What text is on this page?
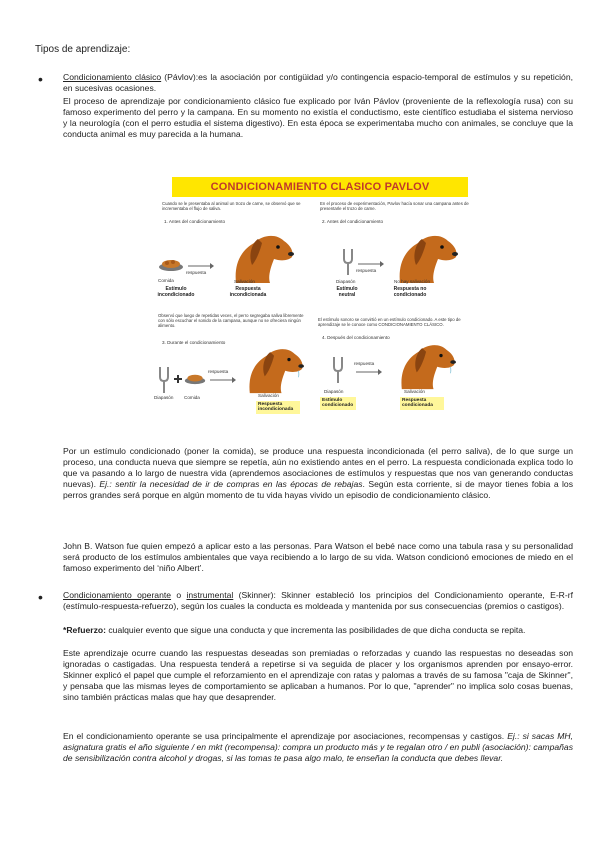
Tipos de aprendizaje:
• Condicionamiento clásico (Pávlov):es la asociación por contigüidad y/o contingencia espacio-temporal de estímulos y su repetición, en sucesivas ocasiones.

El proceso de aprendizaje por condicionamiento clásico fue explicado por Iván Pávlov (proveniente de la reflexología rusa) con su famoso experimento del perro y la campana. En su momento no existía el conductismo, este científico estudiaba el sistema nervioso y la neurología (con el perro estudia el sistema digestivo). En esta época se experimentaba mucho con animales, se concluye que la conducta animal es muy parecida a la humana.

CONDICIONAMIENTO CLASICO PAVLOV
Cuando se le presentaba al animal un trozo de carne, se observó que se incrementaba el flujo de saliva.
En el proceso de experimentación, Pavlov hacía sonar una campana antes de presentarle el trozo de carne.
1. Antes del condicionamiento	2. Antes del condicionamiento
respuesta
Comida	Salivación
Estímulo incondicionado
Respuesta incondicionada
respuesta
Diapasón	No hay salivación
Estímulo neutral
Respuesta no condicionado
Observó que luego de repetidas veces, el perro segregaba saliva libremente con sólo escuchar el sonido de la campana, aunque no se ofreciera ningún alimento.
El estímulo sonoro se convirtió en un estímulo condicionado. A este tipo de aprendizaje se le conoce como CONDICIONAMIENTO CLÁSICO.
3. Durante el condicionamiento
4. Después del condicionamiento
respuesta
Diapasón Comida	Salivación
Respuesta incondicionada
respuesta
Diapasón	Salivación
Estímulo condicionado
Respuesta condicionada

Por un estímulo condicionado (poner la comida), se produce una respuesta incondicionada (el perro saliva), de lo que surge un proceso, una conducta nueva que siempre se repetía, aún no existiendo antes en el perro. La respuesta condicionada explica todo lo que va pasando a lo largo de nuestra vida (aprendemos asociaciones de estímulos y respuestas que nos van generando conductas nuevas). Ej.: sentir la necesidad de ir de compras en las épocas de rebajas. Según esta corriente, si de mayor tienes fobia a los perros grandes será porque en algún momento de tu vida hayas vivido un episodio de condicionamiento clásico.

John B. Watson fue quien empezó a aplicar esto a las personas. Para Watson el bebé nace como una tabula rasa y su personalidad será producto de los estímulos ambientales que vaya recibiendo a lo largo de su vida. Watson condicionó emociones de miedo en el famoso experimento del ‘niño Albert’.

• Condicionamiento operante o instrumental (Skinner): Skinner estableció los principios del Condicionamiento operante, E-R-rf (estímulo-respuesta-refuerzo), según los cuales la conducta es moldeada y mantenida por sus consecuencias (premios o castigos).

*Refuerzo: cualquier evento que sigue una conducta y que incrementa las posibilidades de que dicha conducta se repita.

Este aprendizaje ocurre cuando las respuestas deseadas son premiadas o reforzadas y cuando las respuestas no deseadas son ignoradas o castigadas. Una respuesta tenderá a repetirse si va seguida de placer y los organismos aprenden por ensayo-error. Skinner explicó el papel que cumple el reforzamiento en el aprendizaje con ratas y palomas a través de su famosa "caja de Skinner", y pensaba que las mismas leyes de comportamiento se aplicaban a humanos. Por lo que, "aprender" no implica solo cosas buenas, sino también prácticas malas que hay que desaprender.

En el condicionamiento operante se usa principalmente el aprendizaje por asociaciones, recompensas y castigos. Ej.: si sacas MH, asignatura gratis el año siguiente / en mkt (recompensa): compra un producto más y te regalan otro / en publi (asociación): campañas de sensibilización contra alcohol y drogas, si las tomas te pasa algo malo, te enseñan la conducta que debes llevar.
